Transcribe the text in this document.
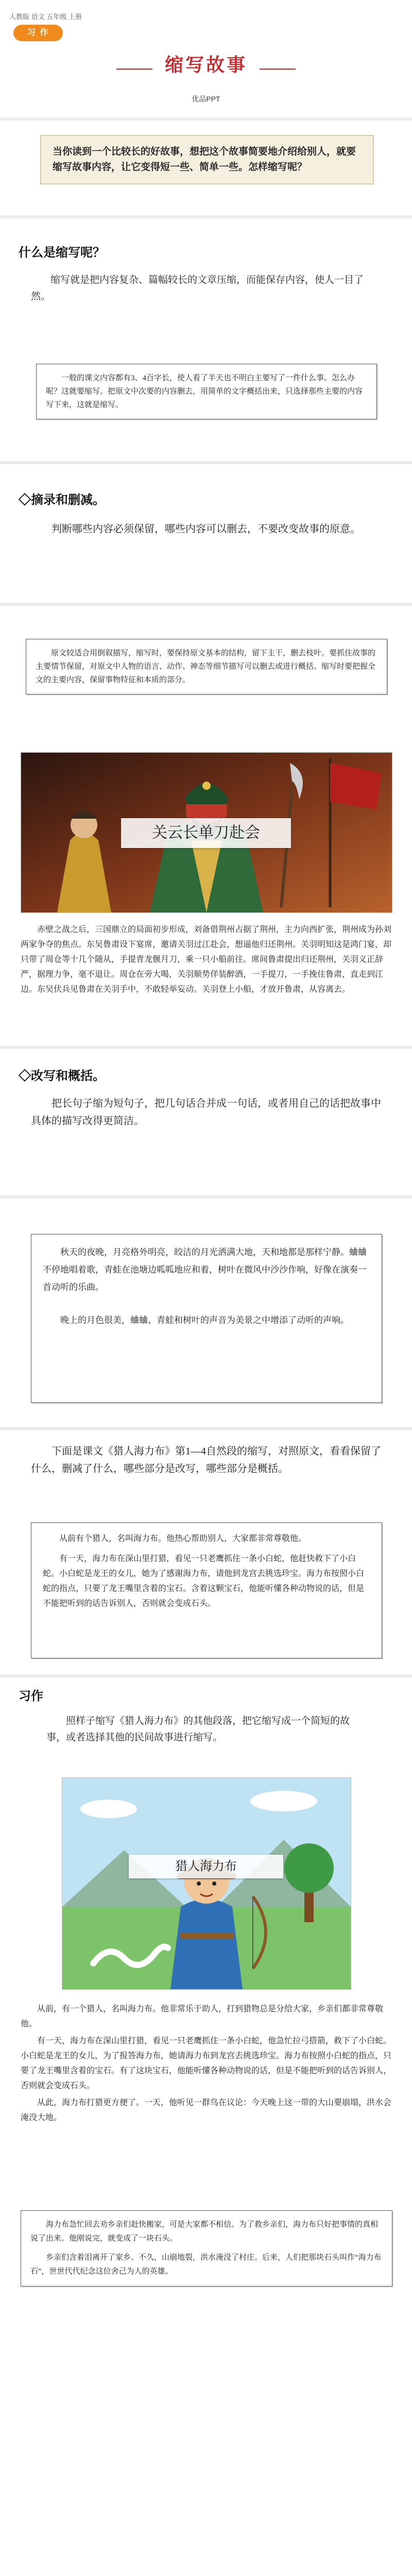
人教版 语文 五年级 上册
习 作
缩写故事
优品PPT
当你读到一个比较长的好故事，想把这个故事简要地介绍给别人，就要缩写故事内容，让它变得短一些、简单一些。怎样缩写呢？
什么是缩写呢？
缩写就是把内容复杂、篇幅较长的文章压缩，而能保存内容，使人一目了然。
一般的课文内容都有3、4百字长，使人看了半天也不明白主要写了一件什么事。怎么办呢？这就要缩写。把原文中次要的内容删去，用简单的文字概括出来，只选择那些主要的内容写下来，这就是缩写。
◇摘录和删减。
判断哪些内容必须保留，哪些内容可以删去，不要改变故事的原意。
原文较适合用倒叙描写，缩写时，要保持原文基本的结构，留下主干，删去枝叶。要抓住故事的主要情节保留，对原文中人物的语言、动作、神态等细节描写可以删去或进行概括。缩写时要把握全文的主要内容，保留事物特征和本质的部分。
关云长单刀赴会

赤壁之战之后，三国鼎立的局面初步形成，刘备借荆州占据了荆州，主力向西扩张，荆州成为孙刘两家争夺的焦点。东吴鲁肃设下宴席，邀请关羽过江赴会，想逼他归还荆州。关羽明知这是鸿门宴，却只带了周仓等十几个随从，手提青龙偃月刀，乘一只小船前往。席间鲁肃提出归还荆州，关羽义正辞严，据理力争，毫不退让。周仓在旁大喝，关羽顺势佯装醉酒，一手提刀，一手挽住鲁肃，直走到江边。东吴伏兵见鲁肃在关羽手中，不敢轻举妄动。关羽登上小船，才放开鲁肃，从容离去。

◇改写和概括。
把长句子缩为短句子，把几句话合并成一句话，或者用自己的话把故事中具体的描写改得更简洁。

秋天的夜晚，月亮格外明亮，皎洁的月光洒满大地，天和地都是那样宁静。蛐蛐不停地唱着歌，青蛙在池塘边呱呱地应和着，树叶在微风中沙沙作响，好像在演奏一首动听的乐曲。

晚上的月色很美，蛐蛐、青蛙和树叶的声音为美景之中增添了动听的声响。

下面是课文《猎人海力布》第1—4自然段的缩写，对照原文，看看保留了什么，删减了什么，哪些部分是改写，哪些部分是概括。

从前有个猎人，名叫海力布。他热心帮助别人，大家都非常尊敬他。

有一天，海力布在深山里打猎，看见一只老鹰抓住一条小白蛇，他赶快救下了小白蛇。小白蛇是龙王的女儿，她为了感谢海力布，请他到龙宫去挑选珍宝。海力布按照小白蛇的指点，只要了龙王嘴里含着的宝石。含着这颗宝石，他能听懂各种动物说的话，但是不能把听到的话告诉别人，否则就会变成石头。

习作
照样子缩写《猎人海力布》的其他段落，把它缩写成一个简短的故事，或者选择其他的民间故事进行缩写。
猎人海力布

从前，有一个猎人，名叫海力布。他非常乐于助人，打到猎物总是分给大家，乡亲们都非常尊敬他。

有一天，海力布在深山里打猎，看见一只老鹰抓住一条小白蛇，他急忙拉弓搭箭，救下了小白蛇。小白蛇是龙王的女儿，为了报答海力布，她请海力布到龙宫去挑选珍宝。海力布按照小白蛇的指点，只要了龙王嘴里含着的宝石。有了这块宝石，他能听懂各种动物说的话，但是不能把听到的话告诉别人，否则就会变成石头。

从此，海力布打猎更方便了。一天，他听见一群鸟在议论：今天晚上这一带的大山要崩塌，洪水会淹没大地。

海力布急忙回去劝乡亲们赶快搬家，可是大家都不相信。为了救乡亲们，海力布只好把事情的真相说了出来。他刚说完，就变成了一块石头。

乡亲们含着泪离开了家乡。不久，山崩地裂，洪水淹没了村庄。后来，人们把那块石头叫作“海力布石”，世世代代纪念这位舍己为人的英雄。
